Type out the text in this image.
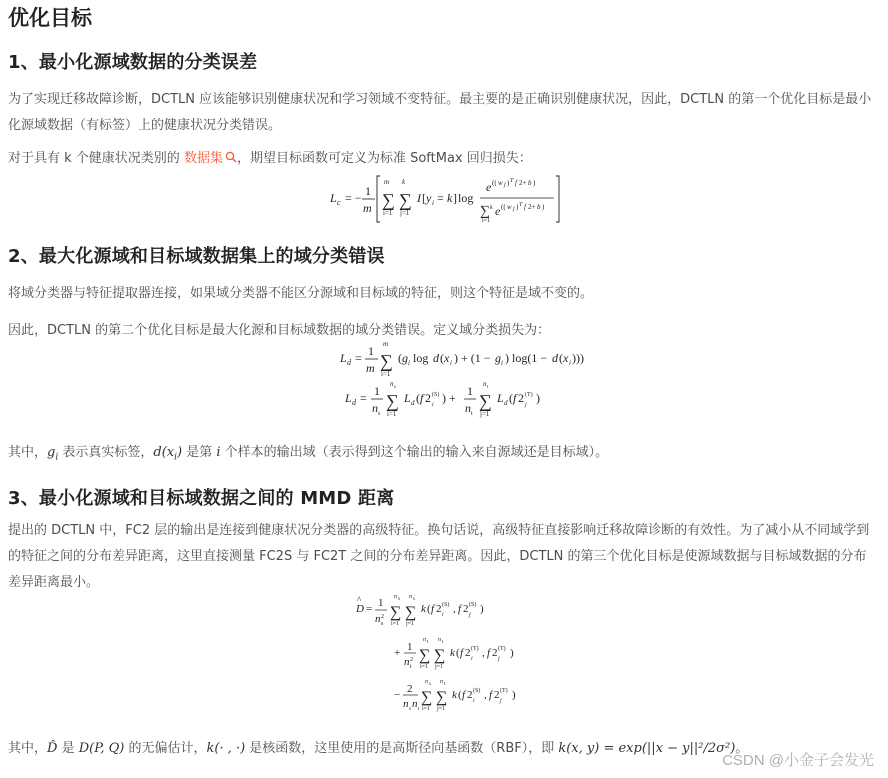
优化目标
1、最小化源域数据的分类误差

为了实现迁移故障诊断，DCTLN 应该能够识别健康状况和学习领域不变特征。最主要的是正确识别健康状况，因此，DCTLN 的第一个优化目标是最小化源域数据（有标签）上的健康状况分类错误。

对于具有 k 个健康状况类别的 数据集 ，期望目标函数可定义为标准 SoftMax 回归损失：

L c = − 1
m
m
∑
i=1
k
∑
j=1
I [ y i = k ] log
e (( w j ) T f 2+ b )
∑ k
l=1
e (( w j ) T f 2+ b )
2、最大化源域和目标域数据集上的域分类错误

将域分类器与特征提取器连接，如果域分类器不能区分源域和目标域的特征，则这个特征是域不变的。

因此，DCTLN 的第二个优化目标是最大化源和目标域数据的域分类错误。定义域分类损失为：

L d = 1
m
m
∑
i=1
( g i log d ( x i ) + (1 − g i ) log(1 − d ( x i )))
L d = 1
n s
n s
∑
i=1
L d ( f 2 (S)
i ) + 1
n t
n t
∑
j=1
L d ( f 2 (T)
j )

其中，$g_i$ 表示真实标签，$d(x_i)$ 是第 i 个样本的输出域（表示得到这个输出的输入来自源域还是目标域）。

3、最小化源域和目标域数据之间的 MMD 距离

提出的 DCTLN 中，FC2 层的输出是连接到健康状况分类器的高级特征。换句话说，高级特征直接影响迁移故障诊断的有效性。为了减小从不同域学到的特征之间的分布差异距离，这里直接测量 FC2S 与 FC2T 之间的分布差异距离。因此，DCTLN 的第三个优化目标是使源域数据与目标域数据的分布差异距离最小。

D
^
= 1
n 2
s
n s
∑
i=1
n s
∑
j=1
k ( f 2 (S)
i , f 2 (S)
j )
+ 1
n 2
t
n t
∑
i=1
n t
∑
j=1
k ( f 2 (T)
i , f 2 (T)
j )
− 2
n s n t
n s
∑
i=1
n t
∑
j=1
k ( f 2 (S)
i , f 2 (T)
j )

其中，D̂ 是 D(P, Q) 的无偏估计，k(· , ·) 是核函数，这里使用的是高斯径向基函数（RBF），即 k(x, y) = exp(||x − y||²/2σ²)。

CSDN @小金子会发光
